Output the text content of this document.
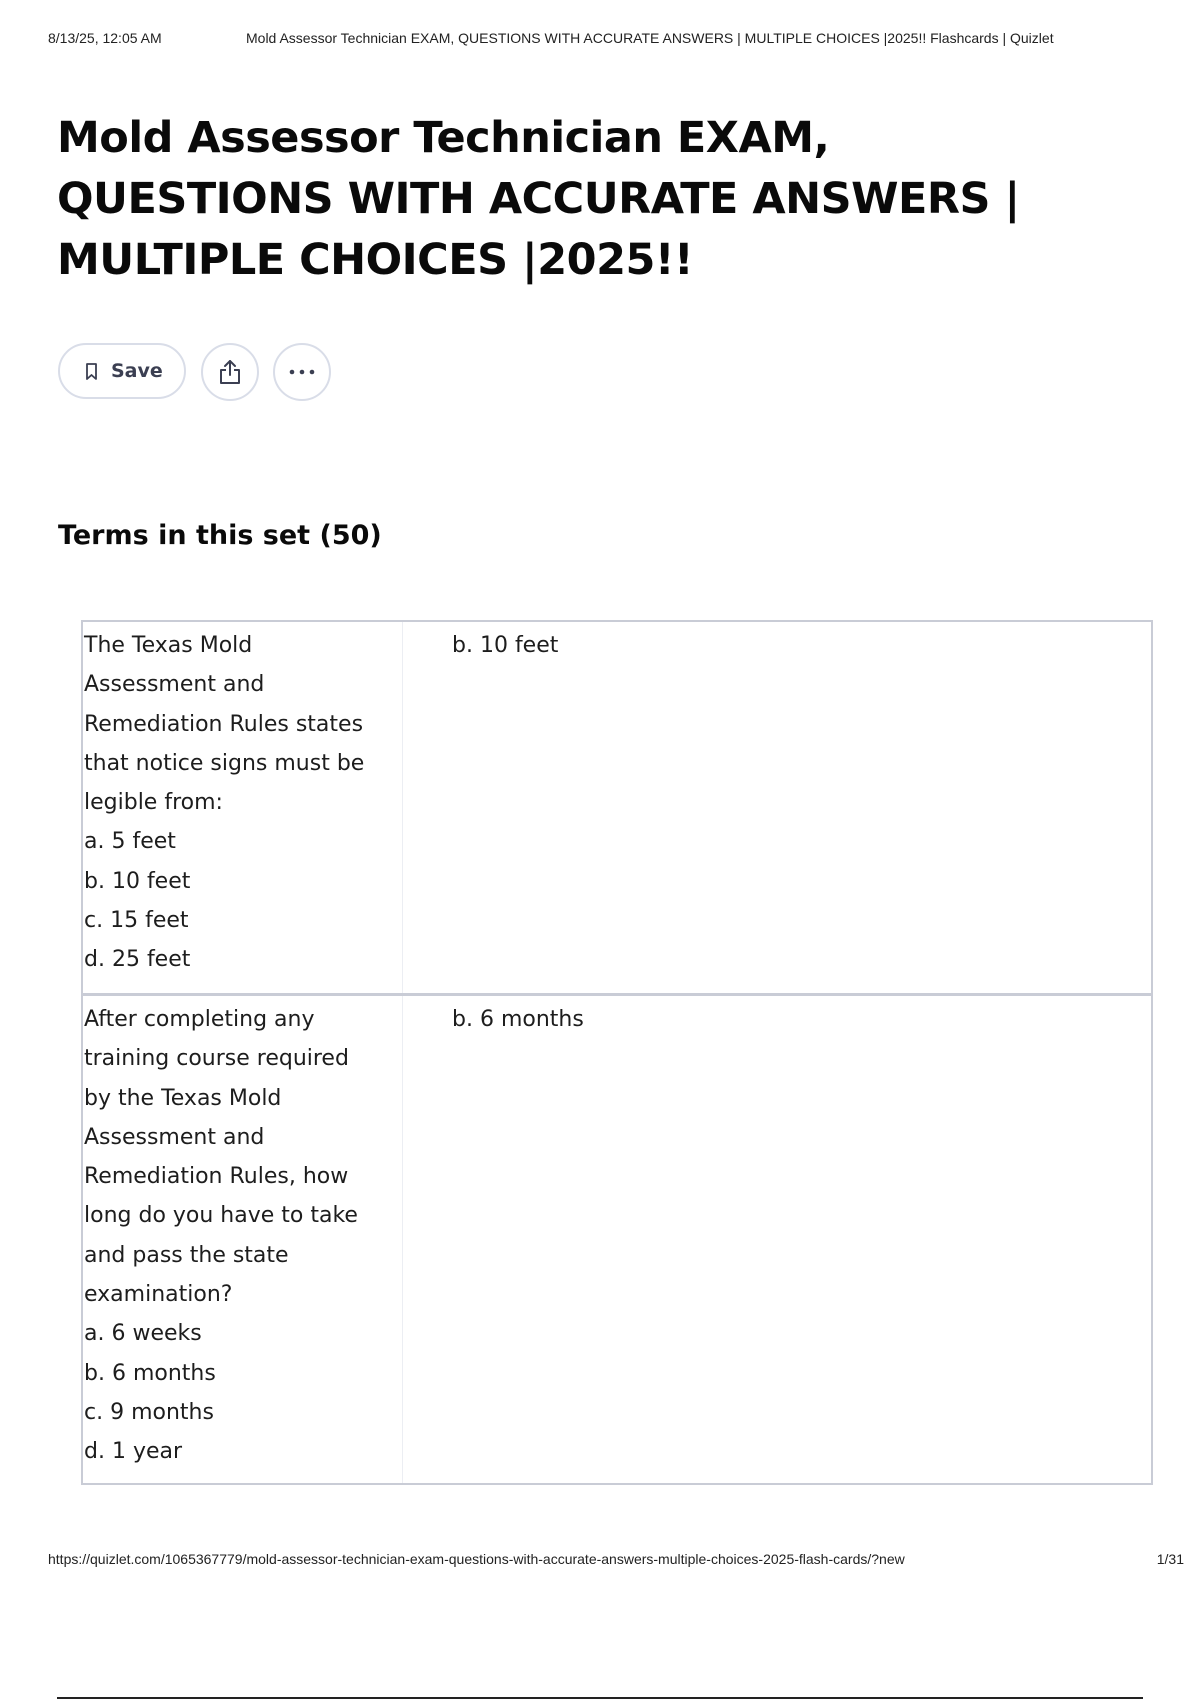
8/13/25, 12:05 AM	Mold Assessor Technician EXAM, QUESTIONS WITH ACCURATE ANSWERS | MULTIPLE CHOICES |2025!! Flashcards | Quizlet
Mold Assessor Technician EXAM, QUESTIONS WITH ACCURATE ANSWERS | MULTIPLE CHOICES |2025!!
Save
Terms in this set (50)
The Texas Mold
Assessment and
Remediation Rules states
that notice signs must be
legible from:
a. 5 feet
b. 10 feet
c. 15 feet
d. 25 feet
b. 10 feet
After completing any
training course required
by the Texas Mold
Assessment and
Remediation Rules, how
long do you have to take
and pass the state
examination?
a. 6 weeks
b. 6 months
c. 9 months
d. 1 year
b. 6 months
https://quizlet.com/1065367779/mold-assessor-technician-exam-questions-with-accurate-answers-multiple-choices-2025-flash-cards/?new	1/31
